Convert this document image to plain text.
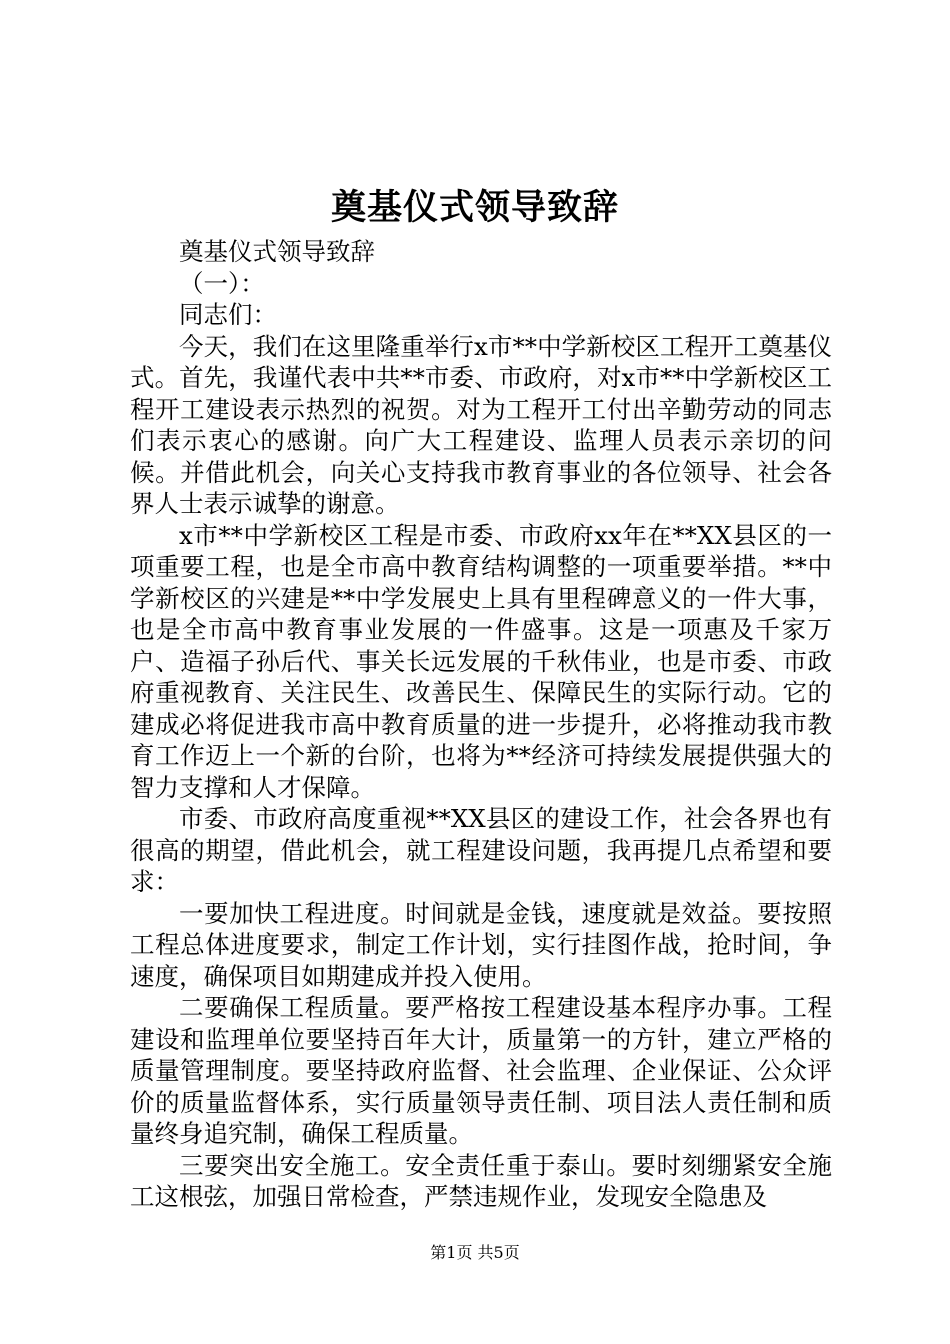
奠基仪式领导致辞

奠基仪式领导致辞

（一）：

同志们：

今天，我们在这里隆重举行x市**中学新校区工程开工奠基仪式。首先，我谨代表中共**市委、市政府，对x市**中学新校区工程开工建设表示热烈的祝贺。对为工程开工付出辛勤劳动的同志们表示衷心的感谢。向广大工程建设、监理人员表示亲切的问候。并借此机会，向关心支持我市教育事业的各位领导、社会各界人士表示诚挚的谢意。

x市**中学新校区工程是市委、市政府xx年在**XX县区的一项重要工程，也是全市高中教育结构调整的一项重要举措。**中学新校区的兴建是**中学发展史上具有里程碑意义的一件大事，也是全市高中教育事业发展的一件盛事。这是一项惠及千家万户、造福子孙后代、事关长远发展的千秋伟业，也是市委、市政府重视教育、关注民生、改善民生、保障民生的实际行动。它的建成必将促进我市高中教育质量的进一步提升，必将推动我市教育工作迈上一个新的台阶，也将为**经济可持续发展提供强大的智力支撑和人才保障。

市委、市政府高度重视**XX县区的建设工作，社会各界也有很高的期望，借此机会，就工程建设问题，我再提几点希望和要求：

一要加快工程进度。时间就是金钱，速度就是效益。要按照工程总体进度要求，制定工作计划，实行挂图作战，抢时间，争速度，确保项目如期建成并投入使用。

二要确保工程质量。要严格按工程建设基本程序办事。工程建设和监理单位要坚持百年大计，质量第一的方针，建立严格的质量管理制度。要坚持政府监督、社会监理、企业保证、公众评价的质量监督体系，实行质量领导责任制、项目法人责任制和质量终身追究制，确保工程质量。

三要突出安全施工。安全责任重于泰山。要时刻绷紧安全施工这根弦，加强日常检查，严禁违规作业，发现安全隐患及

第1页 共5页
